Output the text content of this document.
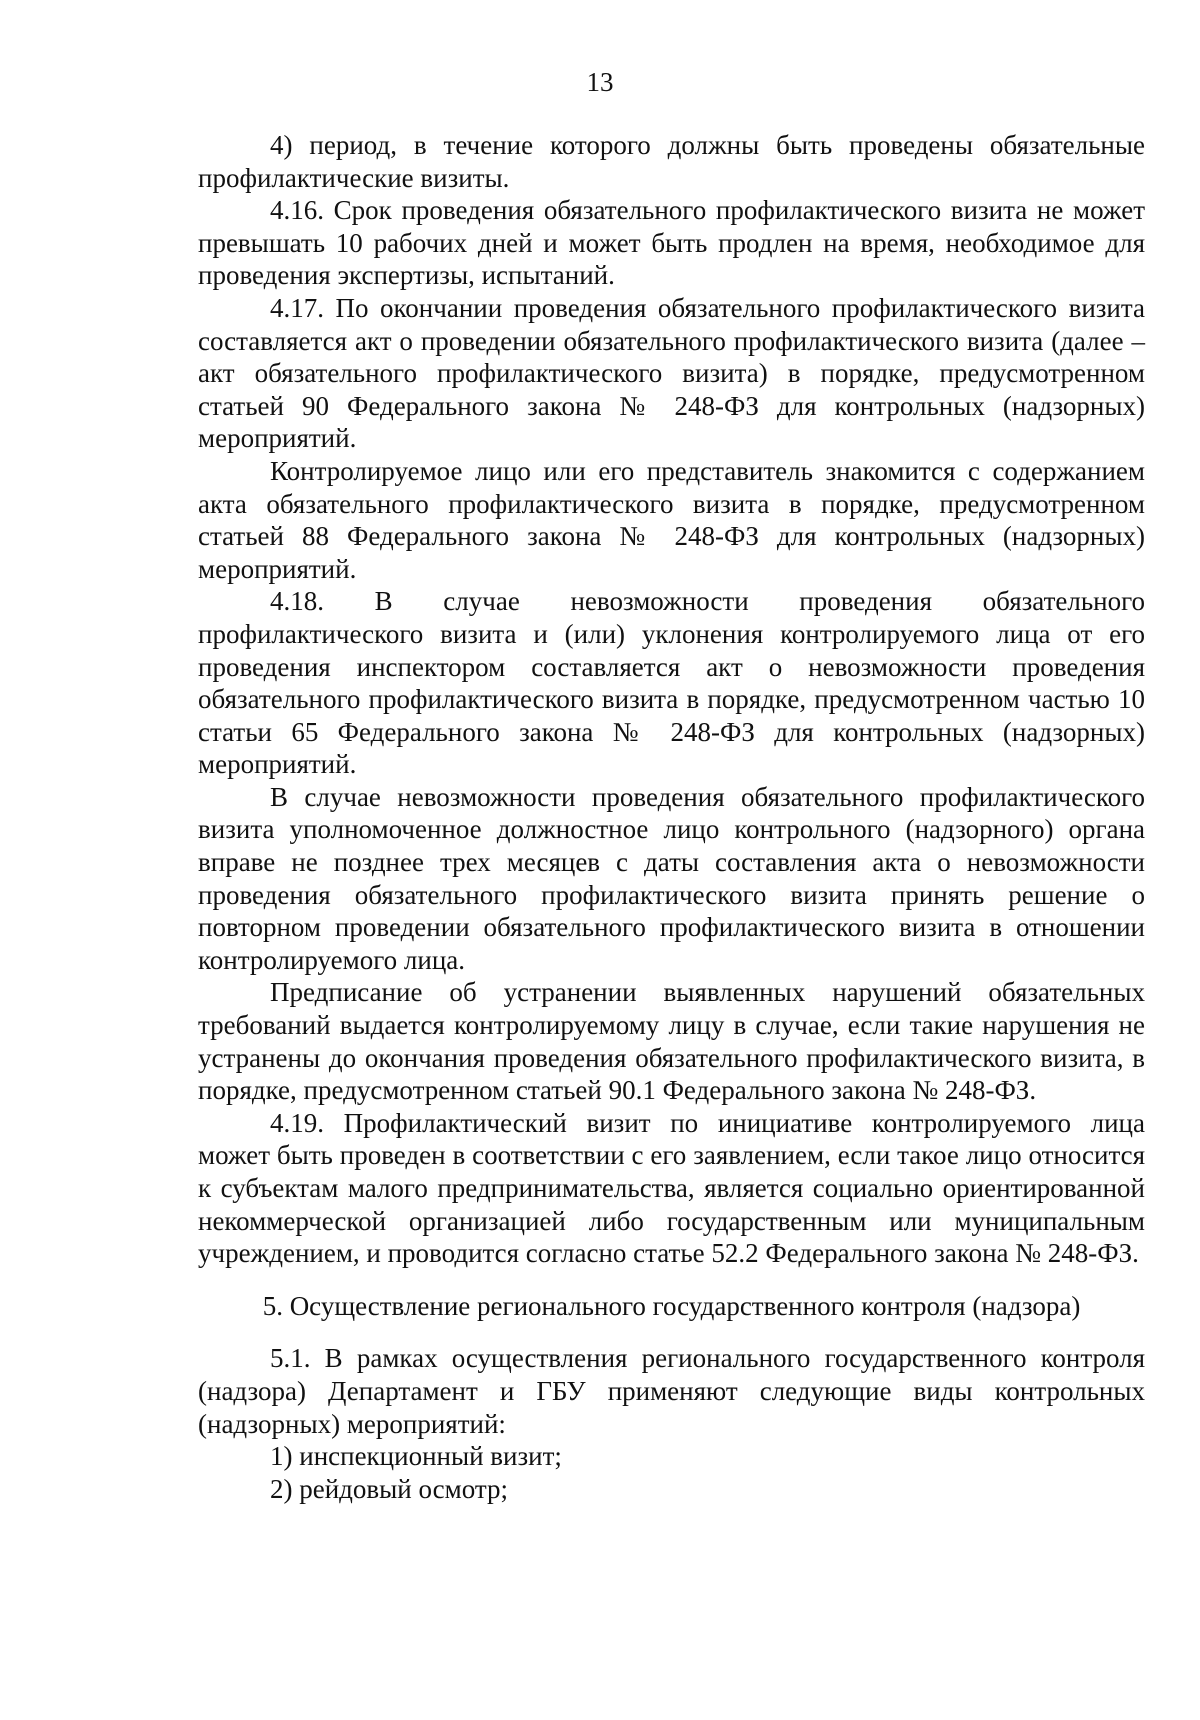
13

4) период, в течение которого должны быть проведены обязательные профилактические визиты.

4.16. Срок проведения обязательного профилактического визита не может превышать 10 рабочих дней и может быть продлен на время, необходимое для проведения экспертизы, испытаний.

4.17. По окончании проведения обязательного профилактического визита составляется акт о проведении обязательного профилактического визита (далее – акт обязательного профилактического визита) в порядке, предусмотренном статьей 90 Федерального закона № 248-ФЗ для контрольных (надзорных) мероприятий.

Контролируемое лицо или его представитель знакомится с содержанием акта обязательного профилактического визита в порядке, предусмотренном статьей 88 Федерального закона № 248-ФЗ для контрольных (надзорных) мероприятий.

4.18. В случае невозможности проведения обязательного профилактического визита и (или) уклонения контролируемого лица от его проведения инспектором составляется акт о невозможности проведения обязательного профилактического визита в порядке, предусмотренном частью 10 статьи 65 Федерального закона № 248-ФЗ для контрольных (надзорных) мероприятий.

В случае невозможности проведения обязательного профилактического визита уполномоченное должностное лицо контрольного (надзорного) органа вправе не позднее трех месяцев с даты составления акта о невозможности проведения обязательного профилактического визита принять решение о повторном проведении обязательного профилактического визита в отношении контролируемого лица.

Предписание об устранении выявленных нарушений обязательных требований выдается контролируемому лицу в случае, если такие нарушения не устранены до окончания проведения обязательного профилактического визита, в порядке, предусмотренном статьей 90.1 Федерального закона № 248-ФЗ.

4.19. Профилактический визит по инициативе контролируемого лица может быть проведен в соответствии с его заявлением, если такое лицо относится к субъектам малого предпринимательства, является социально ориентированной некоммерческой организацией либо государственным или муниципальным учреждением, и проводится согласно статье 52.2 Федерального закона № 248-ФЗ.

5. Осуществление регионального государственного контроля (надзора)

5.1. В рамках осуществления регионального государственного контроля (надзора) Департамент и ГБУ применяют следующие виды контрольных (надзорных) мероприятий:

1) инспекционный визит;

2) рейдовый осмотр;
